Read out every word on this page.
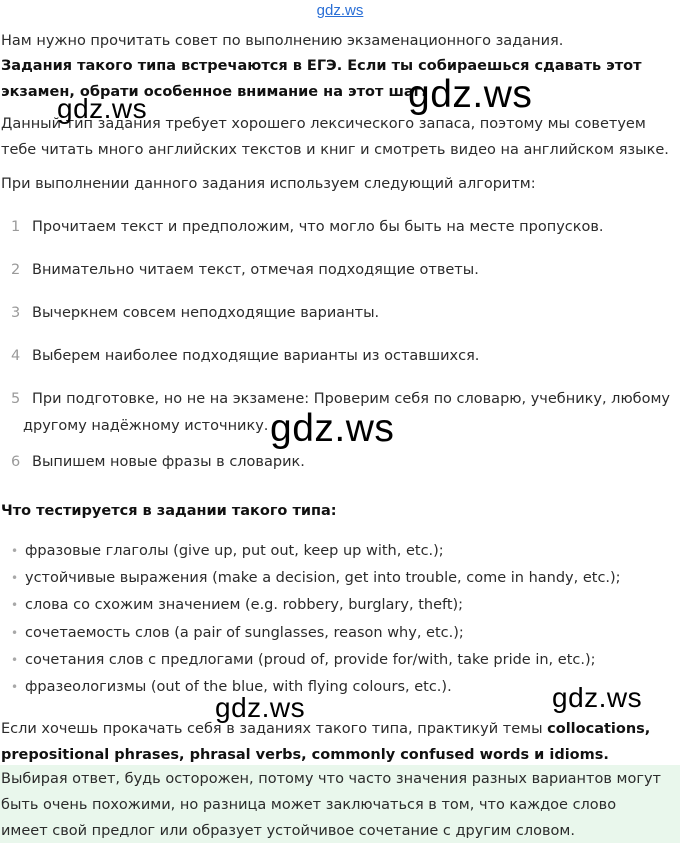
gdz.ws

Нам нужно прочитать совет по выполнению экзаменационного задания.

Задания такого типа встречаются в ЕГЭ. Если ты собираешься сдавать этот экзамен, обрати особенное внимание на этот шаг.

Данный тип задания требует хорошего лексического запаса, поэтому мы советуем тебе читать много английских текстов и книг и смотреть видео на английском языке.

При выполнении данного задания используем следующий алгоритм:

1 Прочитаем текст и предположим, что могло бы быть на месте пропусков.
2 Внимательно читаем текст, отмечая подходящие ответы.
3 Вычеркнем совсем неподходящие варианты.
4 Выберем наиболее подходящие варианты из оставшихся.
5 При подготовке, но не на экзамене: Проверим себя по словарю, учебнику, любому
другому надёжному источнику.
6 Выпишем новые фразы в словарик.
Что тестируется в задании такого типа:
• фразовые глаголы (give up, put out, keep up with, etc.);
• устойчивые выражения (make a decision, get into trouble, come in handy, etc.);
• слова со схожим значением (e.g. robbery, burglary, theft);
• сочетаемость слов (a pair of sunglasses, reason why, etc.);
• сочетания слов с предлогами (proud of, provide for/with, take pride in, etc.);
• фразеологизмы (out of the blue, with flying colours, etc.).

Если хочешь прокачать себя в заданиях такого типа, практикуй темы collocations, prepositional phrases, phrasal verbs, commonly confused words и idioms.

Выбирая ответ, будь осторожен, потому что часто значения разных вариантов могут быть очень похожими, но разница может заключаться в том, что каждое слово имеет свой предлог или образует устойчивое сочетание с другим словом.

gdz.ws
gdz.ws
gdz.ws
gdz.ws
gdz.ws
